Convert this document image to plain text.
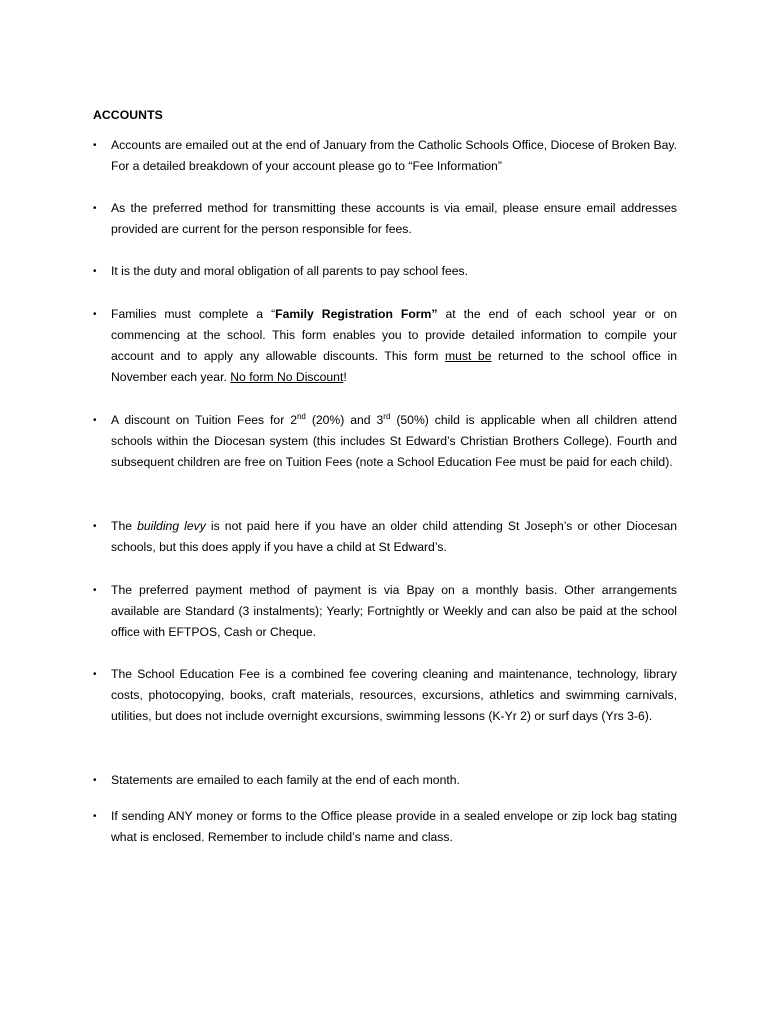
ACCOUNTS
•	Accounts are emailed out at the end of January from the Catholic Schools Office, Diocese of Broken Bay. For a detailed breakdown of your account please go to “Fee Information”
•	As the preferred method for transmitting these accounts is via email, please ensure email addresses provided are current for the person responsible for fees.
•	It is the duty and moral obligation of all parents to pay school fees.
•	Families must complete a “Family Registration Form” at the end of each school year or on commencing at the school. This form enables you to provide detailed information to compile your account and to apply any allowable discounts. This form must be returned to the school office in November each year. No form No Discount!
•	A discount on Tuition Fees for 2nd (20%) and 3rd (50%) child is applicable when all children attend schools within the Diocesan system (this includes St Edward’s Christian Brothers College). Fourth and subsequent children are free on Tuition Fees (note a School Education Fee must be paid for each child).
•	The building levy is not paid here if you have an older child attending St Joseph’s or other Diocesan schools, but this does apply if you have a child at St Edward’s.
•	The preferred payment method of payment is via Bpay on a monthly basis. Other arrangements available are Standard (3 instalments); Yearly; Fortnightly or Weekly and can also be paid at the school office with EFTPOS, Cash or Cheque.
•	The School Education Fee is a combined fee covering cleaning and maintenance, technology, library costs, photocopying, books, craft materials, resources, excursions, athletics and swimming carnivals, utilities, but does not include overnight excursions, swimming lessons (K-Yr 2) or surf days (Yrs 3-6).
•	Statements are emailed to each family at the end of each month.
•	If sending ANY money or forms to the Office please provide in a sealed envelope or zip lock bag stating what is enclosed. Remember to include child’s name and class.
